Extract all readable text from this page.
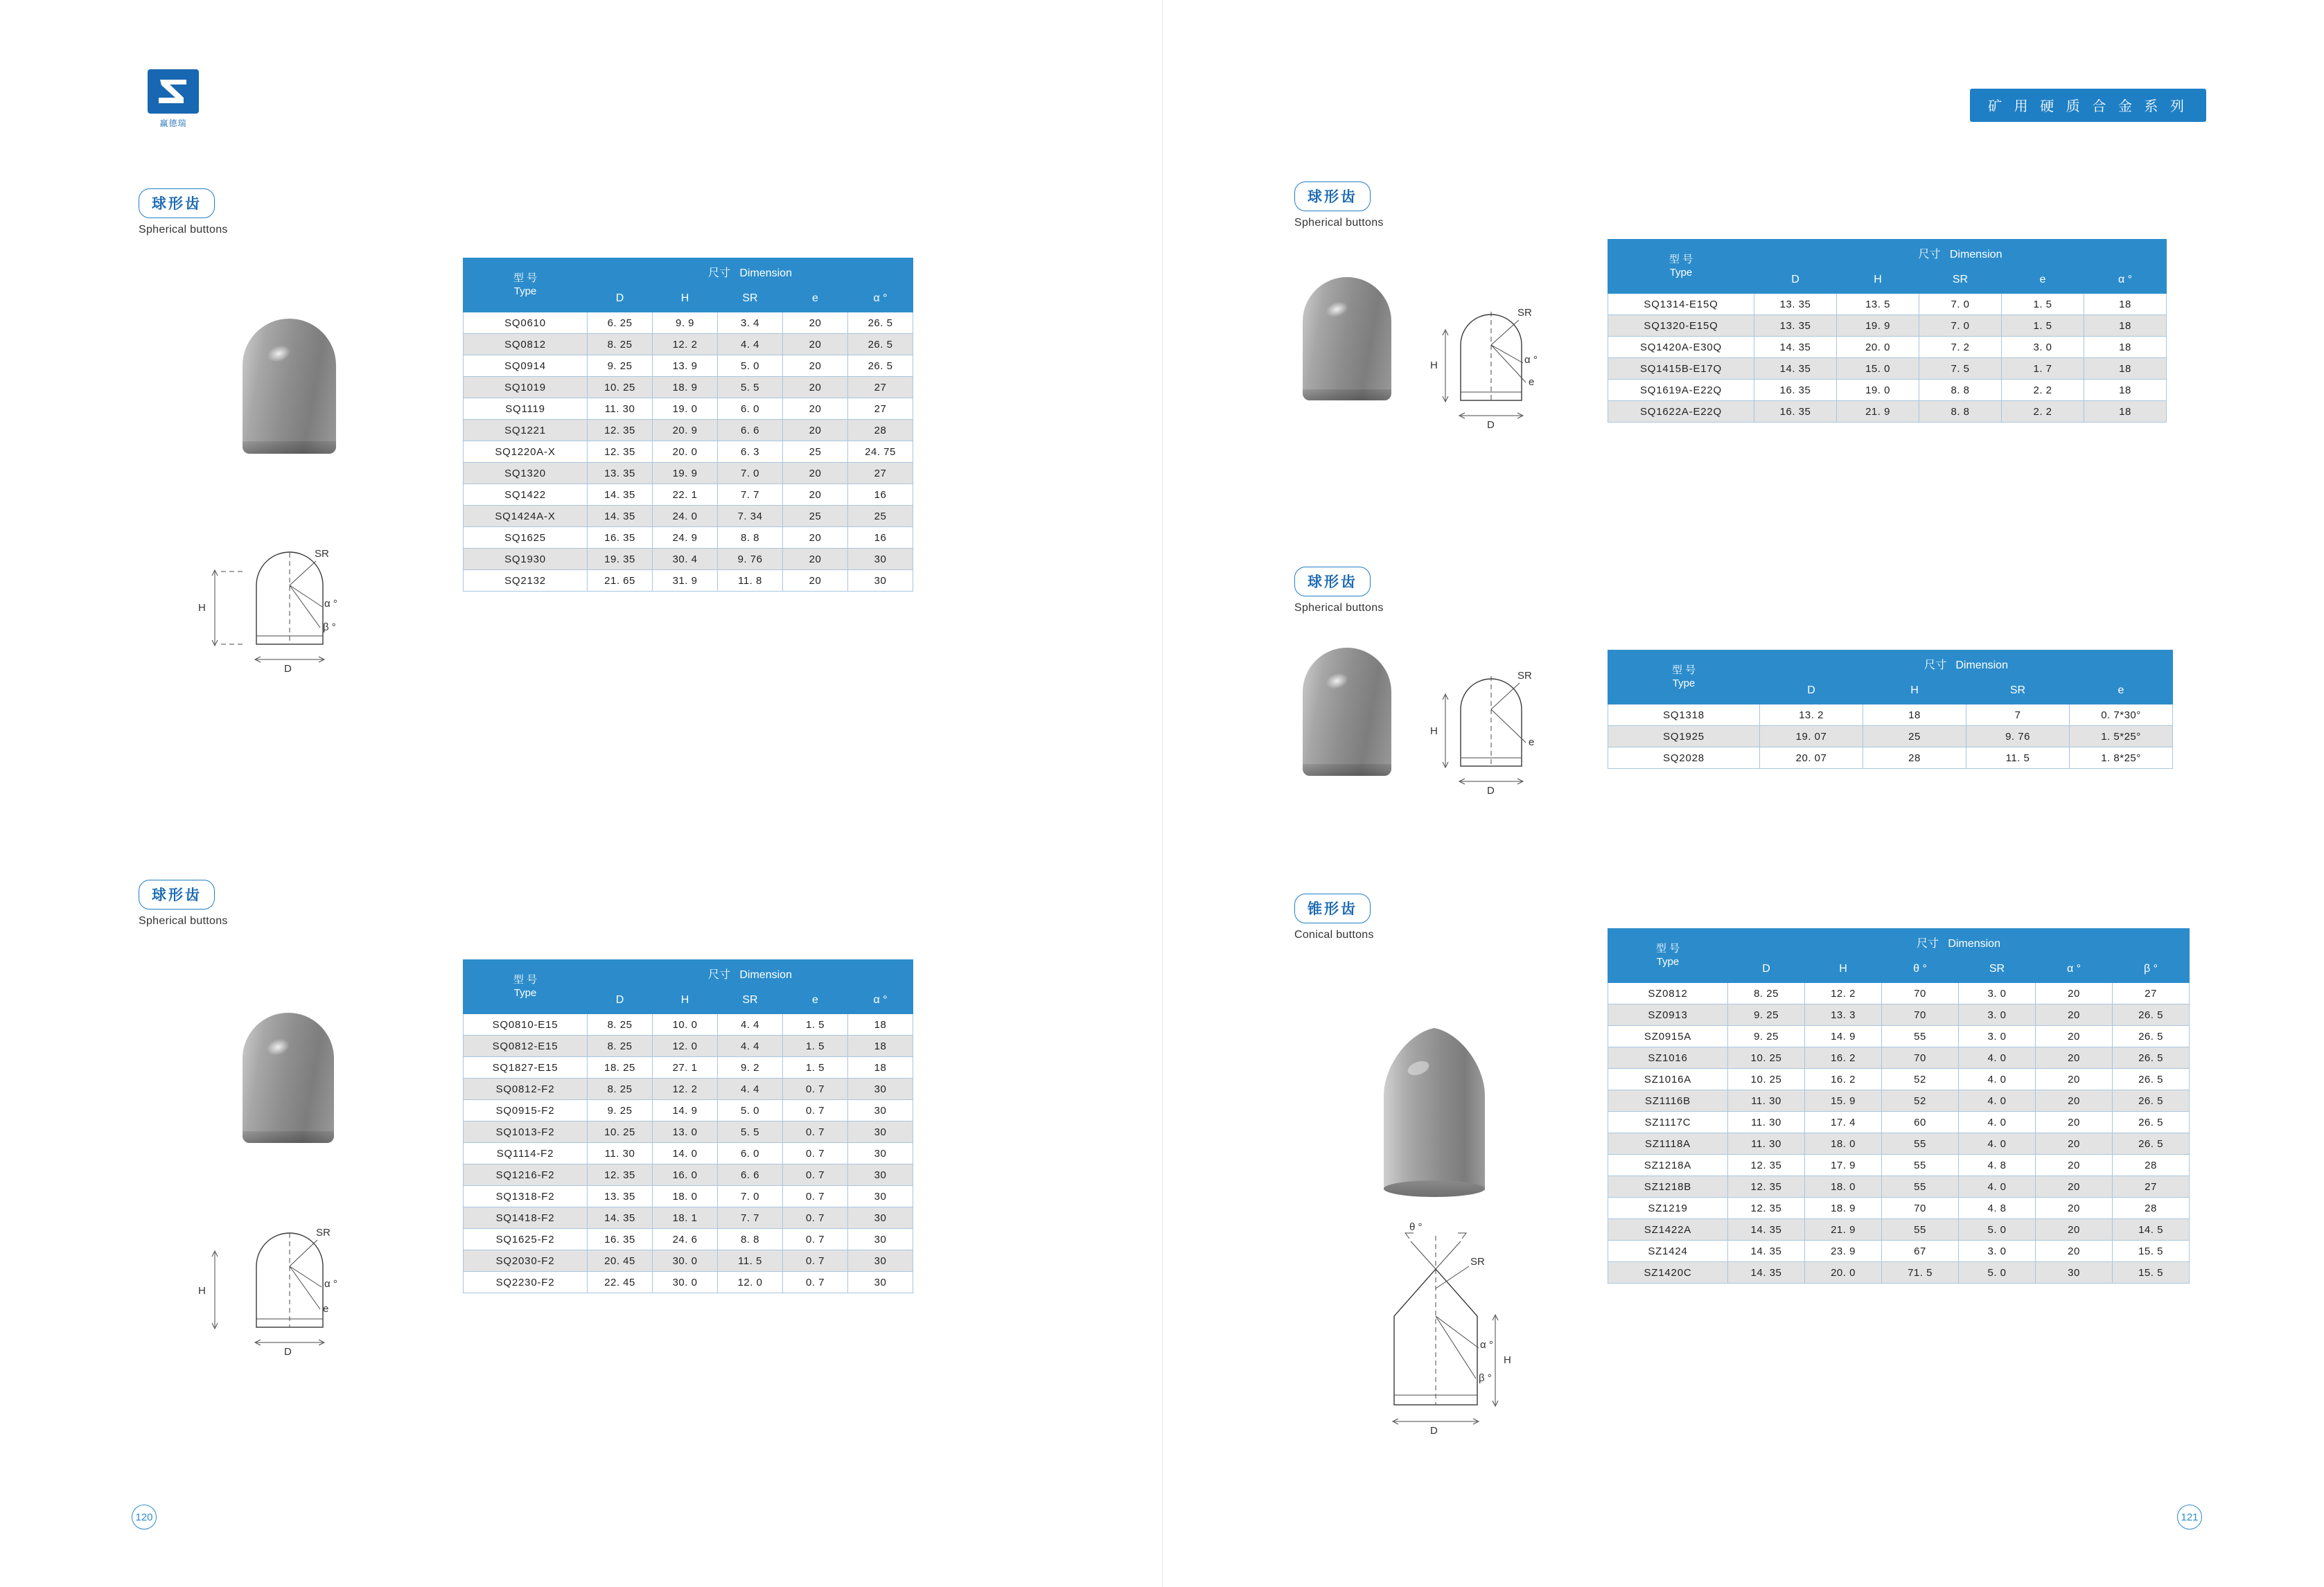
赢德瑞
矿 用 硬 质 合 金 系 列
球形齿
Spherical buttons
H
D
SR
α °
β °
型 号
Type	尺寸 Dimension				
	D	H	SR	e	α °
SQ0610	6. 25	9. 9	3. 4	20	26. 5
SQ0812	8. 25	12. 2	4. 4	20	26. 5
SQ0914	9. 25	13. 9	5. 0	20	26. 5
SQ1019	10. 25	18. 9	5. 5	20	27
SQ1119	11. 30	19. 0	6. 0	20	27
SQ1221	12. 35	20. 9	6. 6	20	28
SQ1220A-X	12. 35	20. 0	6. 3	25	24. 75
SQ1320	13. 35	19. 9	7. 0	20	27
SQ1422	14. 35	22. 1	7. 7	20	16
SQ1424A-X	14. 35	24. 0	7. 34	25	25
SQ1625	16. 35	24. 9	8. 8	20	16
SQ1930	19. 35	30. 4	9. 76	20	30
SQ2132	21. 65	31. 9	11. 8	20	30
球形齿
Spherical buttons
H
D
SR
α °
e
型 号
Type	尺寸 Dimension				
	D	H	SR	e	α °
SQ1314-E15Q	13. 35	13. 5	7. 0	1. 5	18
SQ1320-E15Q	13. 35	19. 9	7. 0	1. 5	18
SQ1420A-E30Q	14. 35	20. 0	7. 2	3. 0	18
SQ1415B-E17Q	14. 35	15. 0	7. 5	1. 7	18
SQ1619A-E22Q	16. 35	19. 0	8. 8	2. 2	18
SQ1622A-E22Q	16. 35	21. 9	8. 8	2. 2	18
球形齿
Spherical buttons
H
D
SR
e
型 号
Type	尺寸 Dimension			
	D	H	SR	e
SQ1318	13. 2	18	7	0. 7*30°
SQ1925	19. 07	25	9. 76	1. 5*25°
SQ2028	20. 07	28	11. 5	1. 8*25°
球形齿
Spherical buttons
H
D
SR
α °
e
型 号
Type	尺寸 Dimension				
	D	H	SR	e	α °
SQ0810-E15	8. 25	10. 0	4. 4	1. 5	18
SQ0812-E15	8. 25	12. 0	4. 4	1. 5	18
SQ1827-E15	18. 25	27. 1	9. 2	1. 5	18
SQ0812-F2	8. 25	12. 2	4. 4	0. 7	30
SQ0915-F2	9. 25	14. 9	5. 0	0. 7	30
SQ1013-F2	10. 25	13. 0	5. 5	0. 7	30
SQ1114-F2	11. 30	14. 0	6. 0	0. 7	30
SQ1216-F2	12. 35	16. 0	6. 6	0. 7	30
SQ1318-F2	13. 35	18. 0	7. 0	0. 7	30
SQ1418-F2	14. 35	18. 1	7. 7	0. 7	30
SQ1625-F2	16. 35	24. 6	8. 8	0. 7	30
SQ2030-F2	20. 45	30. 0	11. 5	0. 7	30
SQ2230-F2	22. 45	30. 0	12. 0	0. 7	30
锥形齿
Conical buttons
θ °
SR
H
D
α °
β °
型 号
Type	尺寸 Dimension					
	D	H	θ °	SR	α °	β °
SZ0812	8. 25	12. 2	70	3. 0	20	27
SZ0913	9. 25	13. 3	70	3. 0	20	26. 5
SZ0915A	9. 25	14. 9	55	3. 0	20	26. 5
SZ1016	10. 25	16. 2	70	4. 0	20	26. 5
SZ1016A	10. 25	16. 2	52	4. 0	20	26. 5
SZ1116B	11. 30	15. 9	52	4. 0	20	26. 5
SZ1117C	11. 30	17. 4	60	4. 0	20	26. 5
SZ1118A	11. 30	18. 0	55	4. 0	20	26. 5
SZ1218A	12. 35	17. 9	55	4. 8	20	28
SZ1218B	12. 35	18. 0	55	4. 0	20	27
SZ1219	12. 35	18. 9	70	4. 8	20	28
SZ1422A	14. 35	21. 9	55	5. 0	20	14. 5
SZ1424	14. 35	23. 9	67	3. 0	20	15. 5
SZ1420C	14. 35	20. 0	71. 5	5. 0	30	15. 5
120	121
